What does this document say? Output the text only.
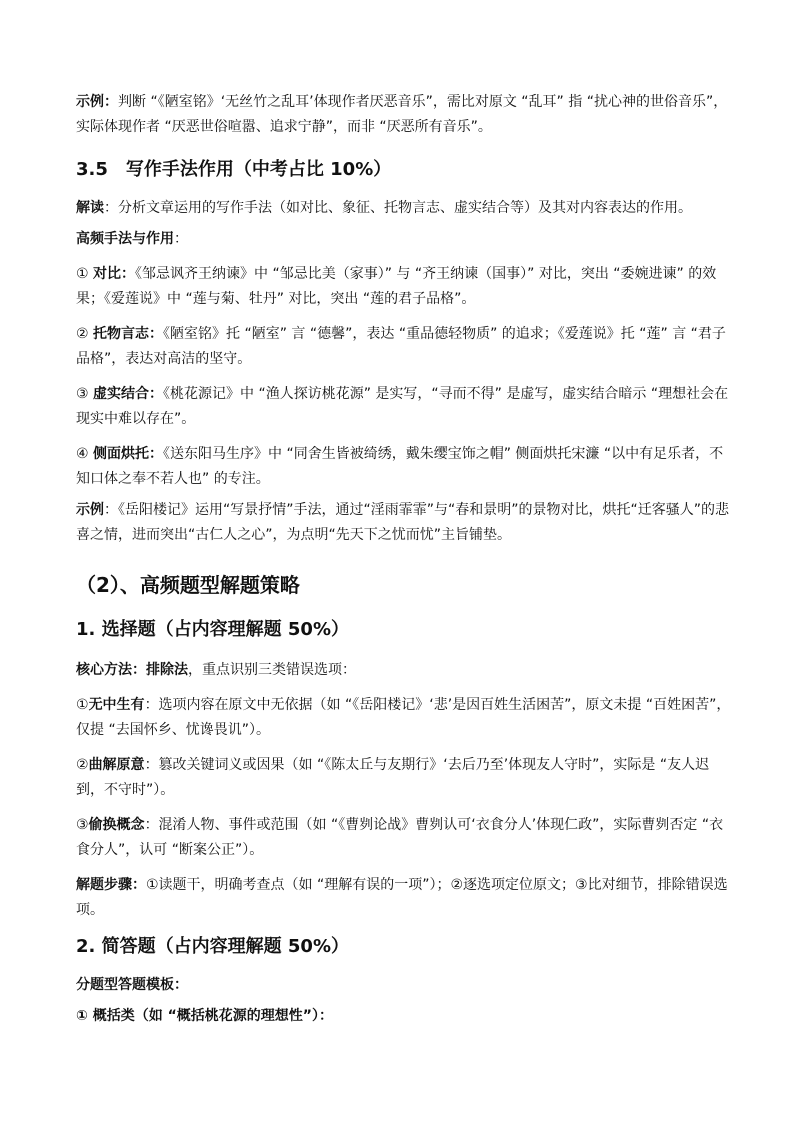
示例：判断 “《陋室铭》‘无丝竹之乱耳’体现作者厌恶音乐”，需比对原文 “乱耳” 指 “扰心神的世俗音乐”，实际体现作者 “厌恶世俗喧嚣、追求宁静”，而非 “厌恶所有音乐”。

3.5　写作手法作用（中考占比 10%）

解读：分析文章运用的写作手法（如对比、象征、托物言志、虚实结合等）及其对内容表达的作用。

高频手法与作用：

① 对比：《邹忌讽齐王纳谏》中 “邹忌比美（家事）” 与 “齐王纳谏（国事）” 对比，突出 “委婉进谏” 的效果；《爱莲说》中 “莲与菊、牡丹” 对比，突出 “莲的君子品格”。

② 托物言志：《陋室铭》托 “陋室” 言 “德馨”，表达 “重品德轻物质” 的追求；《爱莲说》托 “莲” 言 “君子品格”，表达对高洁的坚守。

③ 虚实结合：《桃花源记》中 “渔人探访桃花源” 是实写，“寻而不得” 是虚写，虚实结合暗示 “理想社会在现实中难以存在”。

④ 侧面烘托：《送东阳马生序》中 “同舍生皆被绮绣，戴朱缨宝饰之帽” 侧面烘托宋濂 “以中有足乐者，不知口体之奉不若人也” 的专注。

示例：《岳阳楼记》运用“写景抒情”手法，通过“淫雨霏霏”与“春和景明”的景物对比，烘托“迁客骚人”的悲喜之情，进而突出“古仁人之心”，为点明“先天下之忧而忧”主旨铺垫。

（2）、高频题型解题策略
1. 选择题（占内容理解题 50%）

核心方法：排除法，重点识别三类错误选项：

①无中生有：选项内容在原文中无依据（如 “《岳阳楼记》‘悲’是因百姓生活困苦”，原文未提 “百姓困苦”，仅提 “去国怀乡、忧谗畏讥”）。

②曲解原意：篡改关键词义或因果（如 “《陈太丘与友期行》‘去后乃至’体现友人守时”，实际是 “友人迟到，不守时”）。

③偷换概念：混淆人物、事件或范围（如 “《曹刿论战》曹刿认可‘衣食分人’体现仁政”，实际曹刿否定 “衣食分人”，认可 “断案公正”）。

解题步骤：①读题干，明确考查点（如 “理解有误的一项”）；②逐选项定位原文；③比对细节，排除错误选项。

2. 简答题（占内容理解题 50%）

分题型答题模板：

① 概括类（如 “概括桃花源的理想性”）：
